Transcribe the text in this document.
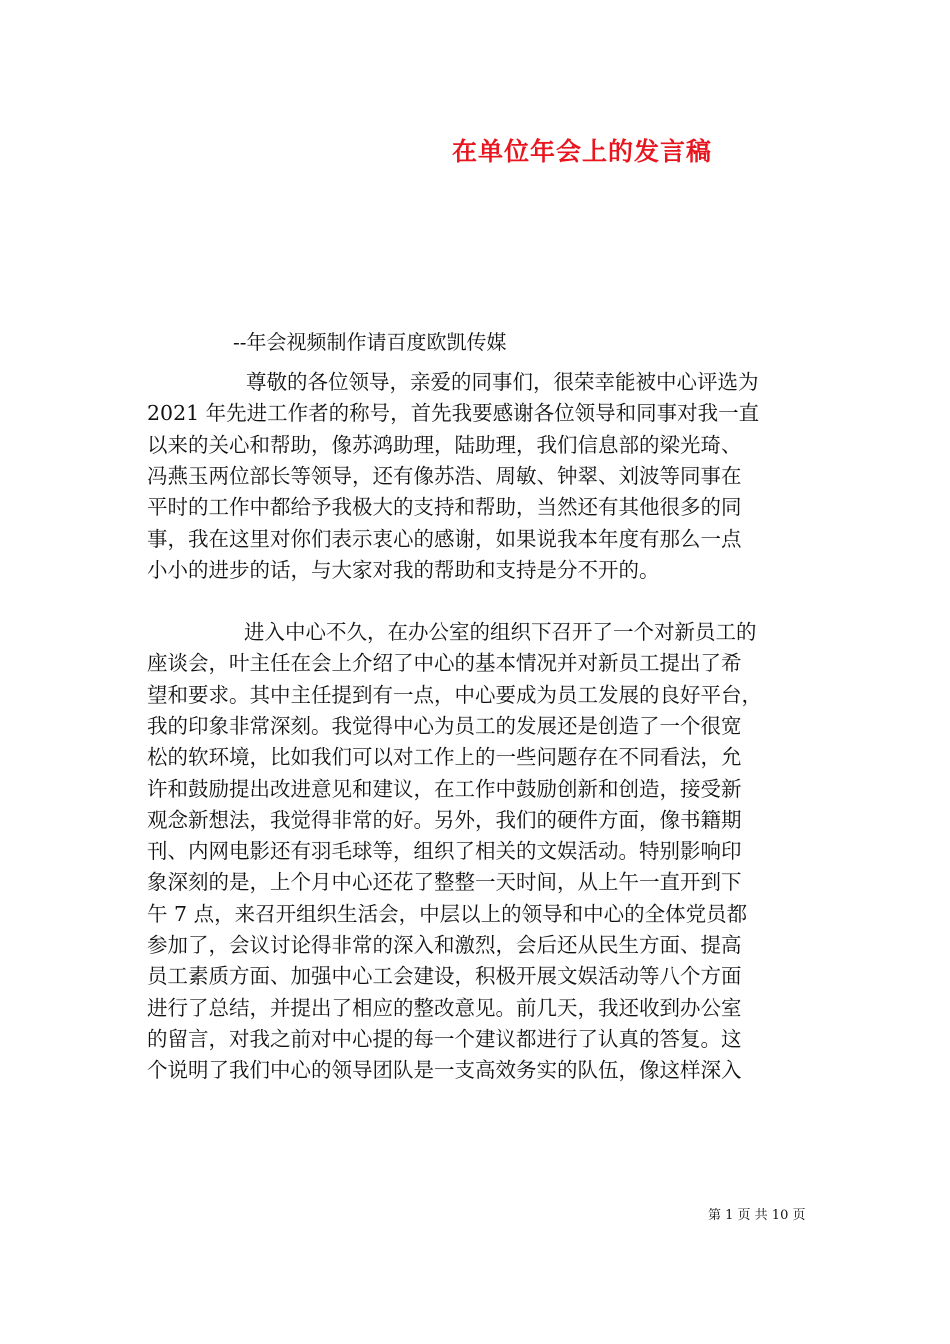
在单位年会上的发言稿
--年会视频制作请百度欧凯传媒
尊敬的各位领导，亲爱的同事们，很荣幸能被中心评选为
2021 年先进工作者的称号，首先我要感谢各位领导和同事对我一直
以来的关心和帮助，像苏鸿助理，陆助理，我们信息部的梁光琦、
冯燕玉两位部长等领导，还有像苏浩、周敏、钟翠、刘波等同事在
平时的工作中都给予我极大的支持和帮助，当然还有其他很多的同
事，我在这里对你们表示衷心的感谢，如果说我本年度有那么一点
小小的进步的话，与大家对我的帮助和支持是分不开的。
进入中心不久，在办公室的组织下召开了一个对新员工的
座谈会，叶主任在会上介绍了中心的基本情况并对新员工提出了希
望和要求。其中主任提到有一点，中心要成为员工发展的良好平台，
我的印象非常深刻。我觉得中心为员工的发展还是创造了一个很宽
松的软环境，比如我们可以对工作上的一些问题存在不同看法，允
许和鼓励提出改进意见和建议，在工作中鼓励创新和创造，接受新
观念新想法，我觉得非常的好。另外，我们的硬件方面，像书籍期
刊、内网电影还有羽毛球等，组织了相关的文娱活动。特别影响印
象深刻的是，上个月中心还花了整整一天时间，从上午一直开到下
午 7 点，来召开组织生活会，中层以上的领导和中心的全体党员都
参加了，会议讨论得非常的深入和激烈，会后还从民生方面、提高
员工素质方面、加强中心工会建设，积极开展文娱活动等八个方面
进行了总结，并提出了相应的整改意见。前几天，我还收到办公室
的留言，对我之前对中心提的每一个建议都进行了认真的答复。这
个说明了我们中心的领导团队是一支高效务实的队伍，像这样深入
第 1 页 共 10 页
